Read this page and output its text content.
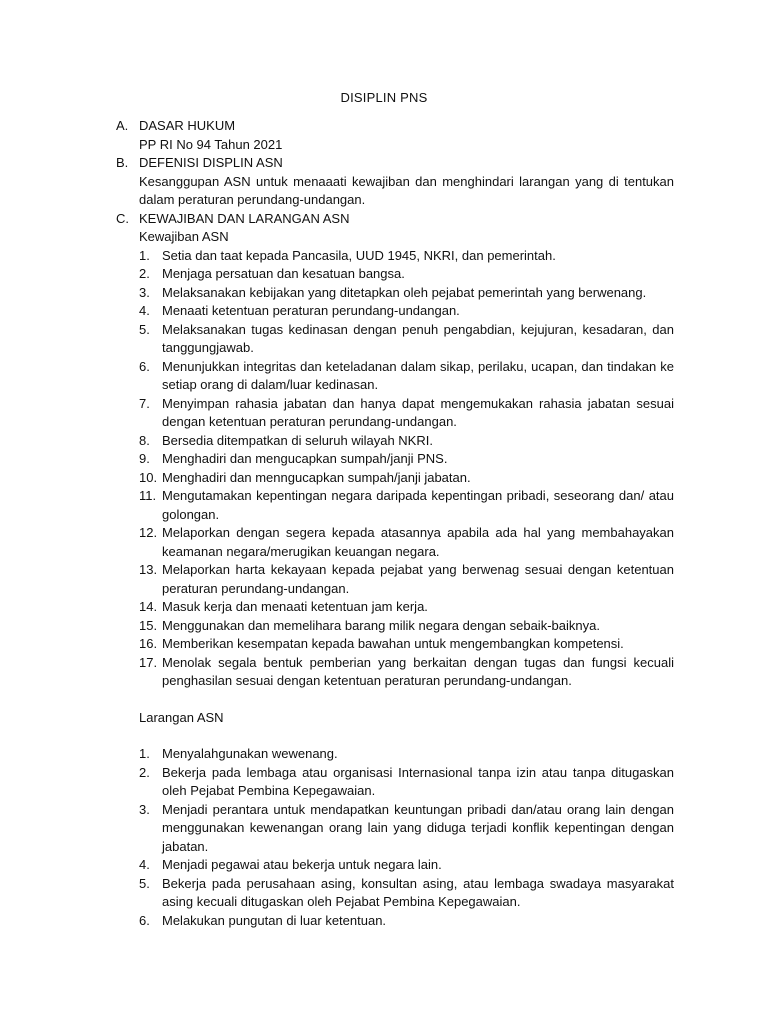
DISIPLIN PNS
A. DASAR HUKUM
PP RI No 94 Tahun 2021
B. DEFENISI DISPLIN ASN
Kesanggupan ASN untuk menaaati kewajiban dan menghindari larangan yang di tentukan dalam peraturan perundang-undangan.
C. KEWAJIBAN DAN LARANGAN ASN
Kewajiban ASN
1. Setia dan taat kepada Pancasila, UUD 1945, NKRI, dan pemerintah.
2. Menjaga persatuan dan kesatuan bangsa.
3. Melaksanakan kebijakan yang ditetapkan oleh pejabat pemerintah yang berwenang.
4. Menaati ketentuan peraturan perundang-undangan.
5. Melaksanakan tugas kedinasan dengan penuh pengabdian, kejujuran, kesadaran, dan tanggungjawab.
6. Menunjukkan integritas dan keteladanan dalam sikap, perilaku, ucapan, dan tindakan ke setiap orang di dalam/luar kedinasan.
7. Menyimpan rahasia jabatan dan hanya dapat mengemukakan rahasia jabatan sesuai dengan ketentuan peraturan perundang-undangan.
8. Bersedia ditempatkan di seluruh wilayah NKRI.
9. Menghadiri dan mengucapkan sumpah/janji PNS.
10. Menghadiri dan menngucapkan sumpah/janji jabatan.
11. Mengutamakan kepentingan negara daripada kepentingan pribadi, seseorang dan/ atau golongan.
12. Melaporkan dengan segera kepada atasannya apabila ada hal yang membahayakan keamanan negara/merugikan keuangan negara.
13. Melaporkan harta kekayaan kepada pejabat yang berwenag sesuai dengan ketentuan peraturan perundang-undangan.
14. Masuk kerja dan menaati ketentuan jam kerja.
15. Menggunakan dan memelihara barang milik negara dengan sebaik-baiknya.
16. Memberikan kesempatan kepada bawahan untuk mengembangkan kompetensi.
17. Menolak segala bentuk pemberian yang berkaitan dengan tugas dan fungsi kecuali penghasilan sesuai dengan ketentuan peraturan perundang-undangan.
Larangan ASN
1. Menyalahgunakan wewenang.
2. Bekerja pada lembaga atau organisasi Internasional tanpa izin atau tanpa ditugaskan oleh Pejabat Pembina Kepegawaian.
3. Menjadi perantara untuk mendapatkan keuntungan pribadi dan/atau orang lain dengan menggunakan kewenangan orang lain yang diduga terjadi konflik kepentingan dengan jabatan.
4. Menjadi pegawai atau bekerja untuk negara lain.
5. Bekerja pada perusahaan asing, konsultan asing, atau lembaga swadaya masyarakat asing kecuali ditugaskan oleh Pejabat Pembina Kepegawaian.
6. Melakukan pungutan di luar ketentuan.
